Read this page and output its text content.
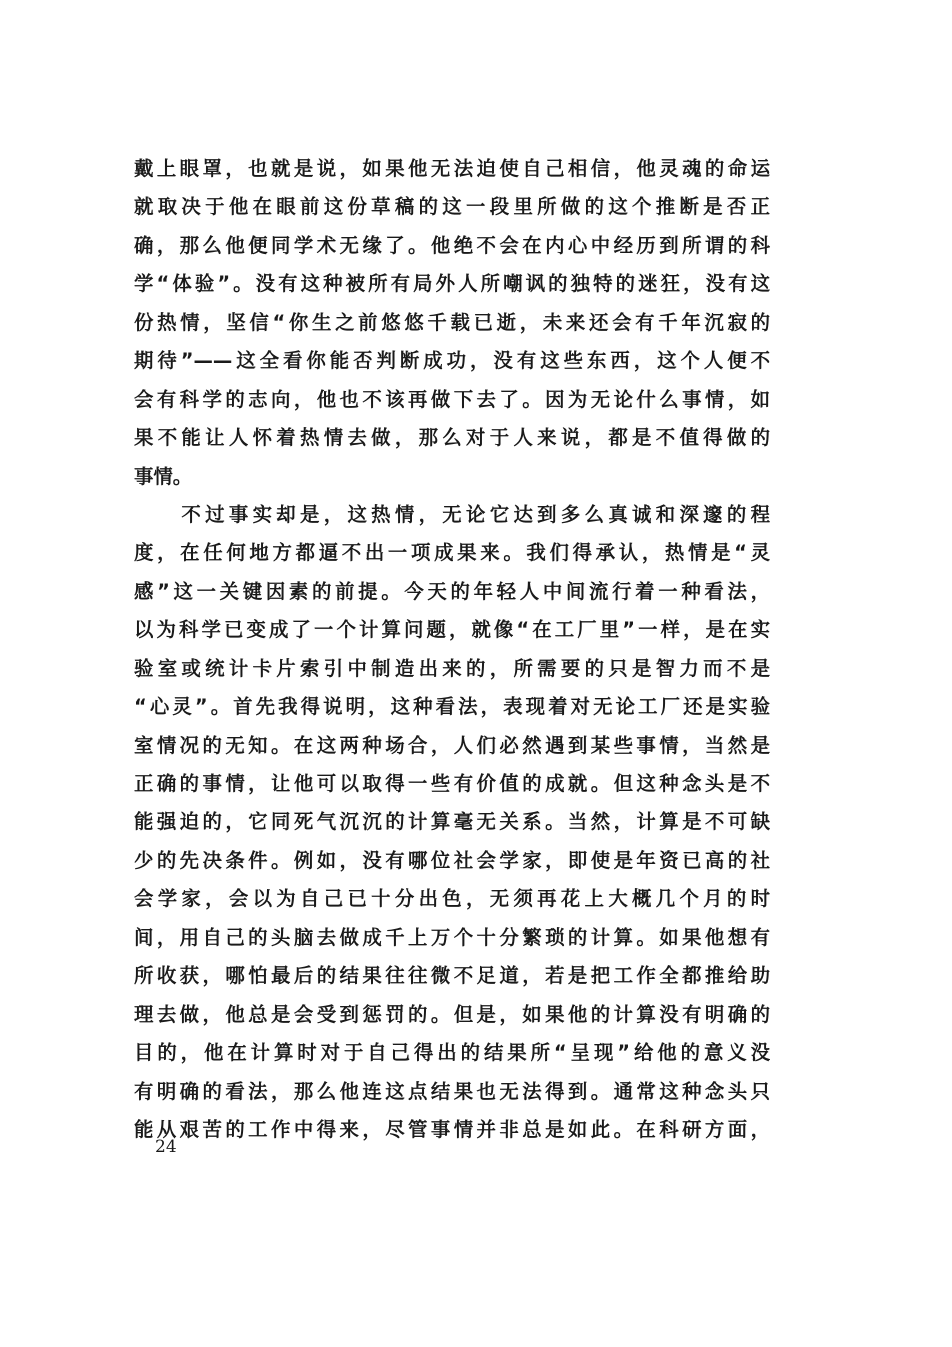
戴上眼罩，也就是说，如果他无法迫使自己相信，他灵魂的命运
就取决于他在眼前这份草稿的这一段里所做的这个推断是否正
确，那么他便同学术无缘了。他绝不会在内心中经历到所谓的科
学“体验”。没有这种被所有局外人所嘲讽的独特的迷狂，没有这
份热情，坚信“你生之前悠悠千载已逝，未来还会有千年沉寂的
期待”——这全看你能否判断成功，没有这些东西，这个人便不
会有科学的志向，他也不该再做下去了。因为无论什么事情，如
果不能让人怀着热情去做，那么对于人来说，都是不值得做的
事情。
　　不过事实却是，这热情，无论它达到多么真诚和深邃的程
度，在任何地方都逼不出一项成果来。我们得承认，热情是“灵
感”这一关键因素的前提。今天的年轻人中间流行着一种看法，
以为科学已变成了一个计算问题，就像“在工厂里”一样，是在实
验室或统计卡片索引中制造出来的，所需要的只是智力而不是
“心灵”。首先我得说明，这种看法，表现着对无论工厂还是实验
室情况的无知。在这两种场合，人们必然遇到某些事情，当然是
正确的事情，让他可以取得一些有价值的成就。但这种念头是不
能强迫的，它同死气沉沉的计算毫无关系。当然，计算是不可缺
少的先决条件。例如，没有哪位社会学家，即使是年资已高的社
会学家，会以为自己已十分出色，无须再花上大概几个月的时
间，用自己的头脑去做成千上万个十分繁琐的计算。如果他想有
所收获，哪怕最后的结果往往微不足道，若是把工作全都推给助
理去做，他总是会受到惩罚的。但是，如果他的计算没有明确的
目的，他在计算时对于自己得出的结果所“呈现”给他的意义没
有明确的看法，那么他连这点结果也无法得到。通常这种念头只
能从艰苦的工作中得来，尽管事情并非总是如此。在科研方面，
24
